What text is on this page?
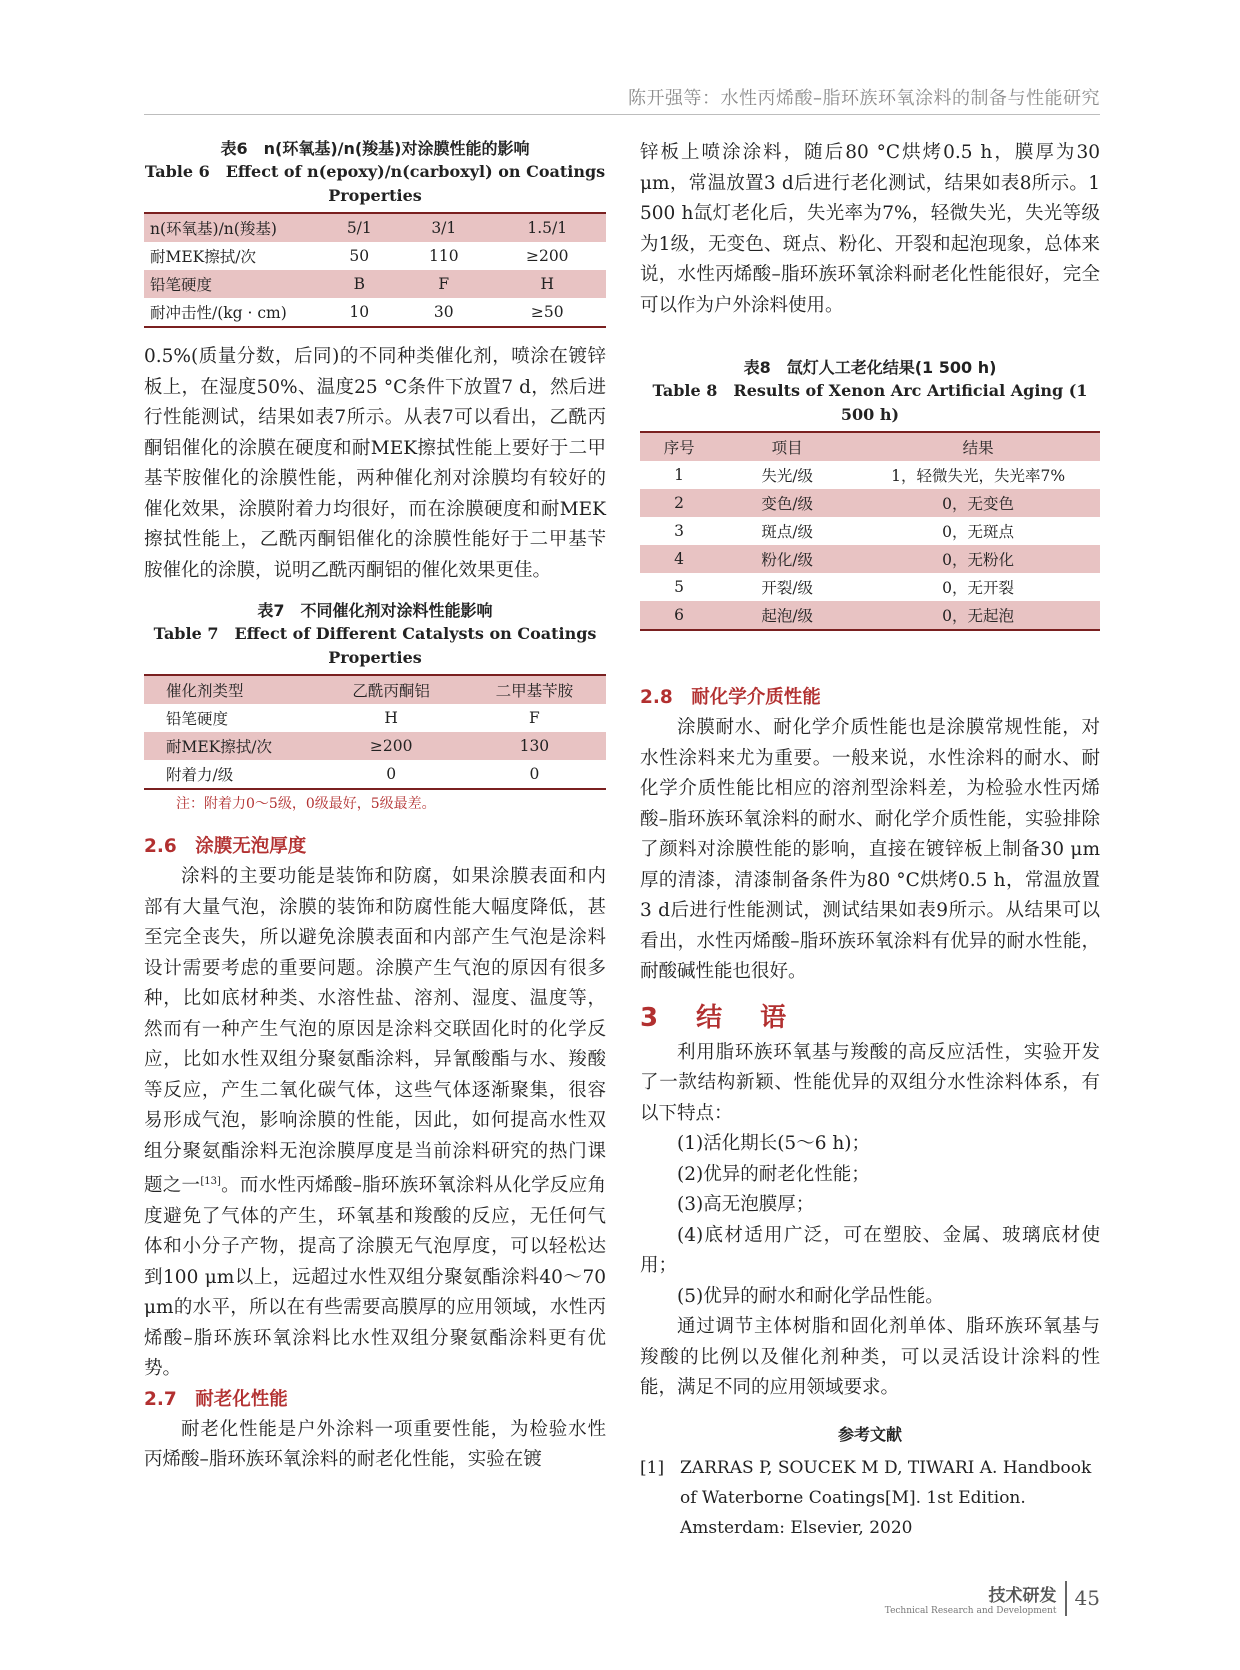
陈开强等：水性丙烯酸–脂环族环氧涂料的制备与性能研究
表6　n(环氧基)/n(羧基)对涂膜性能的影响
Table 6　Effect of n(epoxy)/n(carboxyl) on Coatings Properties
n(环氧基)/n(羧基)	5/1	3/1	1.5/1
耐MEK擦拭/次	50	110	≥200
铅笔硬度	B	F	H
耐冲击性/(kg · cm)	10	30	≥50

0.5%(质量分数，后同)的不同种类催化剂，喷涂在镀锌板上，在湿度50%、温度25 °C条件下放置7 d，然后进行性能测试，结果如表7所示。从表7可以看出，乙酰丙酮铝催化的涂膜在硬度和耐MEK擦拭性能上要好于二甲基苄胺催化的涂膜性能，两种催化剂对涂膜均有较好的催化效果，涂膜附着力均很好，而在涂膜硬度和耐MEK擦拭性能上，乙酰丙酮铝催化的涂膜性能好于二甲基苄胺催化的涂膜，说明乙酰丙酮铝的催化效果更佳。

表7　不同催化剂对涂料性能影响
Table 7　Effect of Different Catalysts on Coatings Properties
催化剂类型	乙酰丙酮铝	二甲基苄胺
铅笔硬度	H	F
耐MEK擦拭/次	≥200	130
附着力/级	0	0
注：附着力0～5级，0级最好，5级最差。
2.6　涂膜无泡厚度

涂料的主要功能是装饰和防腐，如果涂膜表面和内部有大量气泡，涂膜的装饰和防腐性能大幅度降低，甚至完全丧失，所以避免涂膜表面和内部产生气泡是涂料设计需要考虑的重要问题。涂膜产生气泡的原因有很多种，比如底材种类、水溶性盐、溶剂、湿度、温度等，然而有一种产生气泡的原因是涂料交联固化时的化学反应，比如水性双组分聚氨酯涂料，异氰酸酯与水、羧酸等反应，产生二氧化碳气体，这些气体逐渐聚集，很容易形成气泡，影响涂膜的性能，因此，如何提高水性双组分聚氨酯涂料无泡涂膜厚度是当前涂料研究的热门课题之一[13]。而水性丙烯酸–脂环族环氧涂料从化学反应角度避免了气体的产生，环氧基和羧酸的反应，无任何气体和小分子产物，提高了涂膜无气泡厚度，可以轻松达到100 μm以上，远超过水性双组分聚氨酯涂料40～70 μm的水平，所以在有些需要高膜厚的应用领域，水性丙烯酸–脂环族环氧涂料比水性双组分聚氨酯涂料更有优势。

2.7　耐老化性能

耐老化性能是户外涂料一项重要性能，为检验水性丙烯酸–脂环族环氧涂料的耐老化性能，实验在镀

锌板上喷涂涂料，随后80 °C烘烤0.5 h，膜厚为30 μm，常温放置3 d后进行老化测试，结果如表8所示。1 500 h氙灯老化后，失光率为7%，轻微失光，失光等级为1级，无变色、斑点、粉化、开裂和起泡现象，总体来说，水性丙烯酸–脂环族环氧涂料耐老化性能很好，完全可以作为户外涂料使用。

表8　氙灯人工老化结果(1 500 h)
Table 8　Results of Xenon Arc Artificial Aging (1 500 h)
序号	项目	结果
1	失光/级	1，轻微失光，失光率7%
2	变色/级	0，无变色
3	斑点/级	0，无斑点
4	粉化/级	0，无粉化
5	开裂/级	0，无开裂
6	起泡/级	0，无起泡
2.8　耐化学介质性能

涂膜耐水、耐化学介质性能也是涂膜常规性能，对水性涂料来尤为重要。一般来说，水性涂料的耐水、耐化学介质性能比相应的溶剂型涂料差，为检验水性丙烯酸–脂环族环氧涂料的耐水、耐化学介质性能，实验排除了颜料对涂膜性能的影响，直接在镀锌板上制备30 μm厚的清漆，清漆制备条件为80 °C烘烤0.5 h，常温放置3 d后进行性能测试，测试结果如表9所示。从结果可以看出，水性丙烯酸–脂环族环氧涂料有优异的耐水性能，耐酸碱性能也很好。

3　结　语

利用脂环族环氧基与羧酸的高反应活性，实验开发了一款结构新颖、性能优异的双组分水性涂料体系，有以下特点：

(1)活化期长(5～6 h)；

(2)优异的耐老化性能；

(3)高无泡膜厚；

(4)底材适用广泛，可在塑胶、金属、玻璃底材使用；

(5)优异的耐水和耐化学品性能。

通过调节主体树脂和固化剂单体、脂环族环氧基与羧酸的比例以及催化剂种类，可以灵活设计涂料的性能，满足不同的应用领域要求。

参考文献
[1] ZARRAS P, SOUCEK M D, TIWARI A. Handbook of Waterborne Coatings[M]. 1st Edition. Amsterdam: Elsevier, 2020
技术研发
Technical Research and Development
45
